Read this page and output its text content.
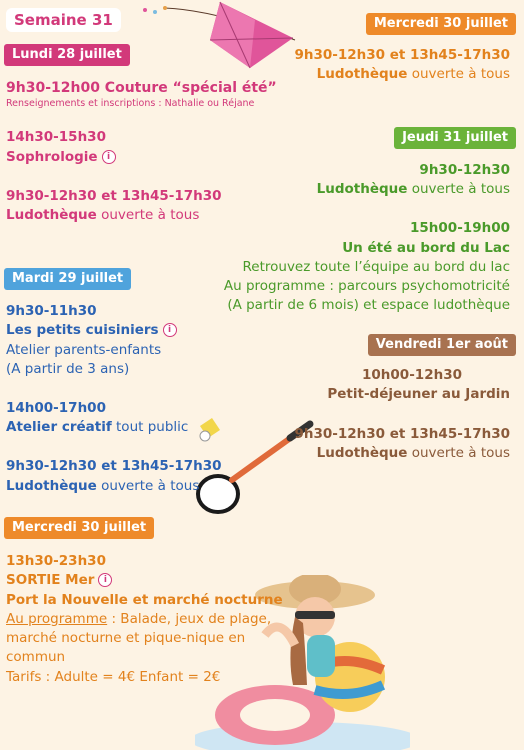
Semaine 31
Lundi 28 juillet
9h30-12h00 Couture “spécial été”
Renseignements et inscriptions : Nathalie ou Réjane
14h30-15h30
Sophrologie i
9h30-12h30 et 13h45-17h30
Ludothèque ouverte à tous
Mardi 29 juillet
9h30-11h30
Les petits cuisiniers i
Atelier parents-enfants
(A partir de 3 ans)
14h00-17h00
Atelier créatif tout public
9h30-12h30 et 13h45-17h30
Ludothèque ouverte à tous
Mercredi 30 juillet
13h30-23h30
SORTIE Mer i
Port la Nouvelle et marché nocturne
Au programme : Balade, jeux de plage,
marché nocturne et pique-nique en
commun
Tarifs : Adulte = 4€ Enfant = 2€
Mercredi 30 juillet
9h30-12h30 et 13h45-17h30
Ludothèque ouverte à tous
Jeudi 31 juillet
9h30-12h30
Ludothèque ouverte à tous
15h00-19h00
Un été au bord du Lac
Retrouvez toute l’équipe au bord du lac
Au programme : parcours psychomotricité
(A partir de 6 mois) et espace ludothèque
Vendredi 1er août
10h00-12h30
Petit-déjeuner au Jardin
9h30-12h30 et 13h45-17h30
Ludothèque ouverte à tous
